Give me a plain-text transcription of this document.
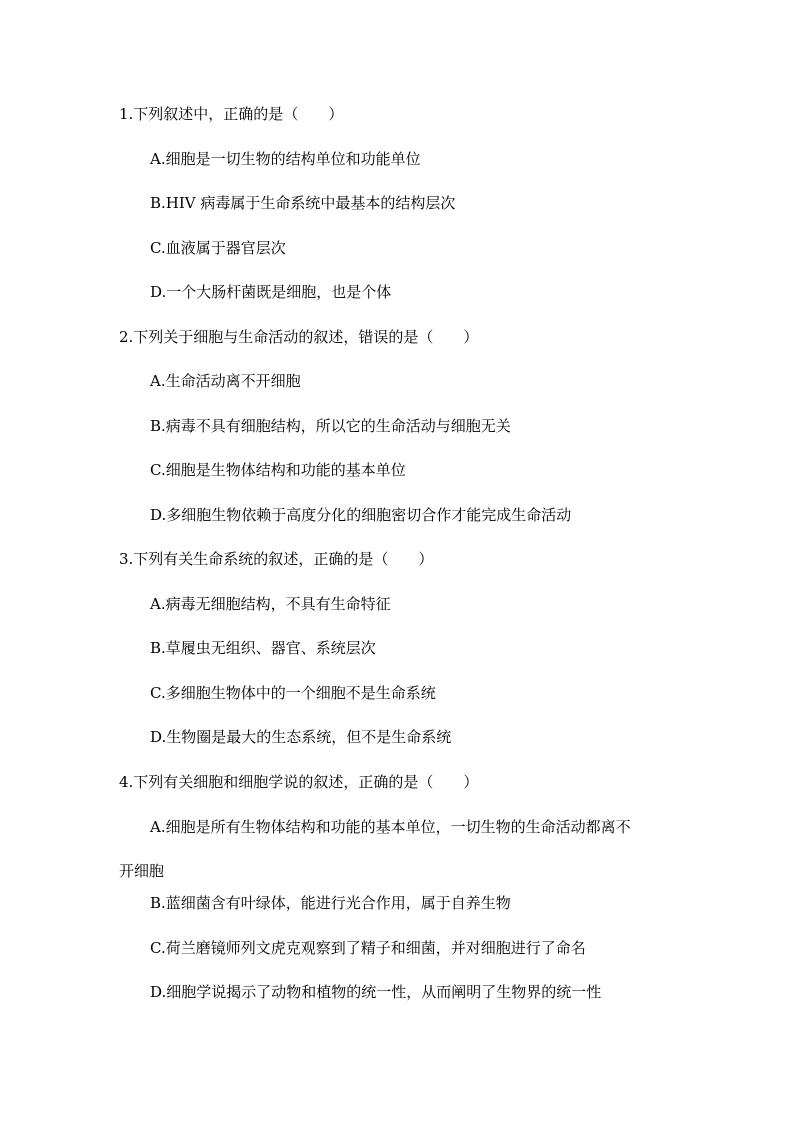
1.下列叙述中，正确的是（　　）
A.细胞是一切生物的结构单位和功能单位
B.HIV 病毒属于生命系统中最基本的结构层次
C.血液属于器官层次
D.一个大肠杆菌既是细胞，也是个体
2.下列关于细胞与生命活动的叙述，错误的是（　　）
A.生命活动离不开细胞
B.病毒不具有细胞结构，所以它的生命活动与细胞无关
C.细胞是生物体结构和功能的基本单位
D.多细胞生物依赖于高度分化的细胞密切合作才能完成生命活动
3.下列有关生命系统的叙述，正确的是（　　）
A.病毒无细胞结构，不具有生命特征
B.草履虫无组织、器官、系统层次
C.多细胞生物体中的一个细胞不是生命系统
D.生物圈是最大的生态系统，但不是生命系统
4.下列有关细胞和细胞学说的叙述，正确的是（　　）
A.细胞是所有生物体结构和功能的基本单位，一切生物的生命活动都离不开细胞
B.蓝细菌含有叶绿体，能进行光合作用，属于自养生物
C.荷兰磨镜师列文虎克观察到了精子和细菌，并对细胞进行了命名
D.细胞学说揭示了动物和植物的统一性，从而阐明了生物界的统一性
